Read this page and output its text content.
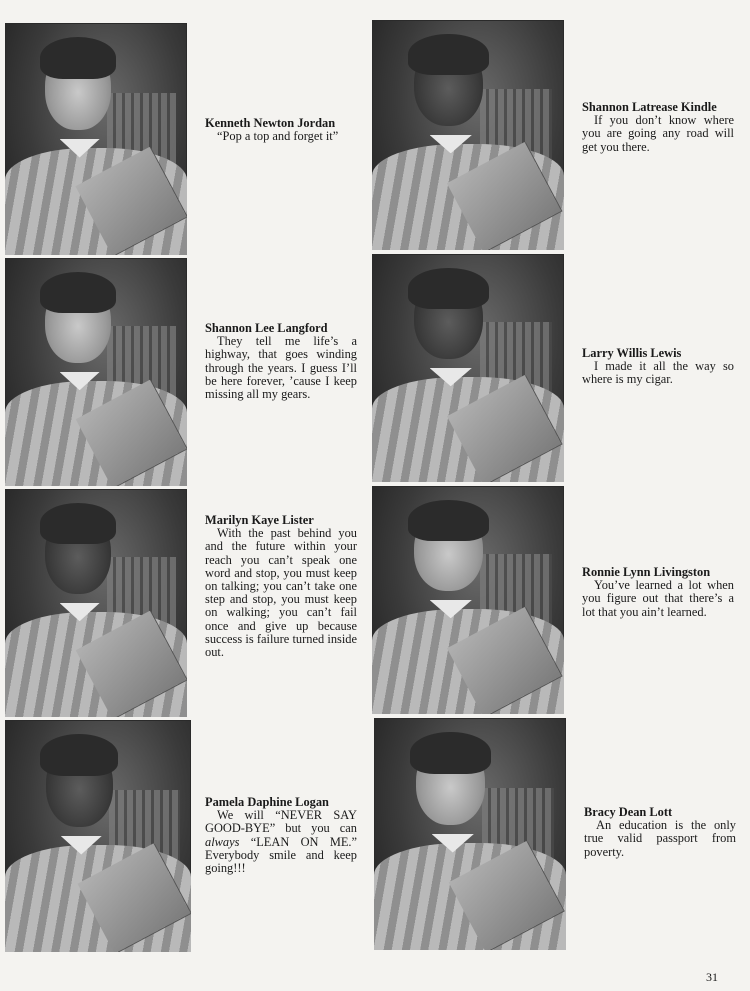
Kenneth Newton Jordan
“Pop a top and forget it”
Shannon Lee Langford
They tell me life’s a highway, that goes winding through the years. I guess I’ll be here forever, ’cause I keep missing all my gears.
Marilyn Kaye Lister
With the past behind you and the future within your reach you can’t speak one word and stop, you must keep on talking; you can’t take one step and stop, you must keep on walking; you can’t fail once and give up because success is failure turned inside out.
Pamela Daphine Logan
We will “NEVER SAY GOOD-BYE” but you can always “LEAN ON ME.” Everybody smile and keep going!!!
Shannon Latrease Kindle
If you don’t know where you are going any road will get you there.
Larry Willis Lewis
I made it all the way so where is my cigar.
Ronnie Lynn Livingston
You’ve learned a lot when you figure out that there’s a lot that you ain’t learned.
Bracy Dean Lott
An education is the only true valid passport from poverty.
31
